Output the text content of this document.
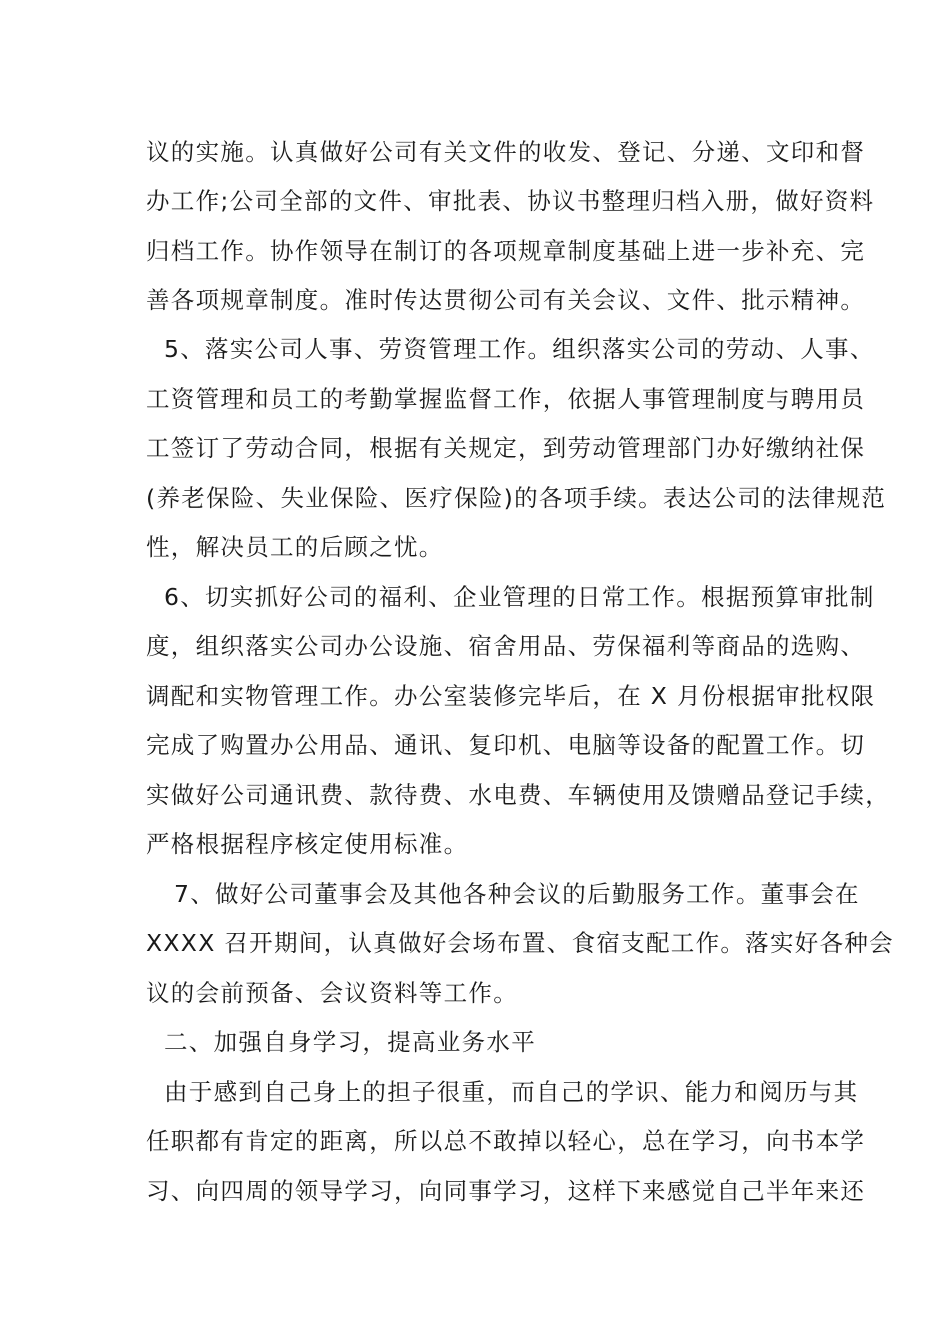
议的实施。认真做好公司有关文件的收发、登记、分递、文印和督
办工作;公司全部的文件、审批表、协议书整理归档入册，做好资料
归档工作。协作领导在制订的各项规章制度基础上进一步补充、完
善各项规章制度。准时传达贯彻公司有关会议、文件、批示精神。
5、落实公司人事、劳资管理工作。组织落实公司的劳动、人事、
工资管理和员工的考勤掌握监督工作，依据人事管理制度与聘用员
工签订了劳动合同，根据有关规定，到劳动管理部门办好缴纳社保
(养老保险、失业保险、医疗保险)的各项手续。表达公司的法律规范
性，解决员工的后顾之忧。
6、切实抓好公司的福利、企业管理的日常工作。根据预算审批制
度，组织落实公司办公设施、宿舍用品、劳保福利等商品的选购、
调配和实物管理工作。办公室装修完毕后，在 X 月份根据审批权限
完成了购置办公用品、通讯、复印机、电脑等设备的配置工作。切
实做好公司通讯费、款待费、水电费、车辆使用及馈赠品登记手续，
严格根据程序核定使用标准。
7、做好公司董事会及其他各种会议的后勤服务工作。董事会在
XXXX 召开期间，认真做好会场布置、食宿支配工作。落实好各种会
议的会前预备、会议资料等工作。
二、加强自身学习，提高业务水平
由于感到自己身上的担子很重，而自己的学识、能力和阅历与其
任职都有肯定的距离，所以总不敢掉以轻心，总在学习，向书本学
习、向四周的领导学习，向同事学习，这样下来感觉自己半年来还
